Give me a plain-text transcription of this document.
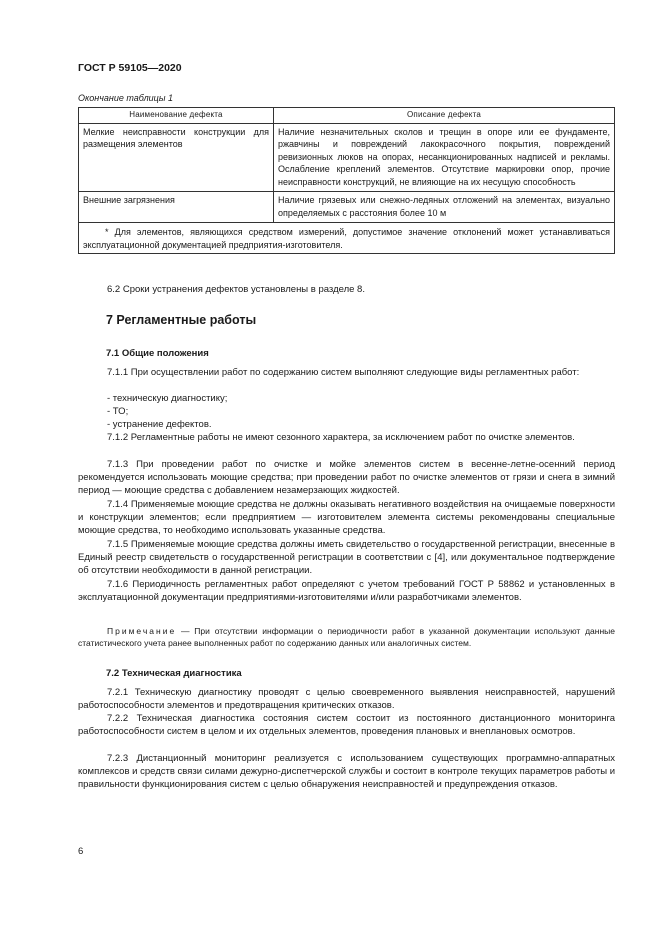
ГОСТ Р 59105—2020
Окончание таблицы 1
Наименование дефекта	Описание дефекта
Мелкие неисправности конструкции для размещения элементов	Наличие незначительных сколов и трещин в опоре или ее фундаменте, ржавчины и повреждений лакокрасочного покрытия, повреждений ревизионных люков на опорах, несанкционированных надписей и рекламы. Ослабление креплений элементов. Отсутствие маркировки опор, прочие неисправности конструкций, не влияющие на их несущую способность
Внешние загрязнения	Наличие грязевых или снежно-ледяных отложений на элементах, визуально определяемых с расстояния более 10 м
* Для элементов, являющихся средством измерений, допустимое значение отклонений может устанавливаться эксплуатационной документацией предприятия-изготовителя.	
6.2 Сроки устранения дефектов установлены в разделе 8.
7 Регламентные работы
7.1 Общие положения
7.1.1 При осуществлении работ по содержанию систем выполняют следующие виды регламентных работ:
- техническую диагностику;
- ТО;
- устранение дефектов.
7.1.2 Регламентные работы не имеют сезонного характера, за исключением работ по очистке элементов.
7.1.3 При проведении работ по очистке и мойке элементов систем в весенне-летне-осенний период рекомендуется использовать моющие средства; при проведении работ по очистке элементов от грязи и снега в зимний период — моющие средства с добавлением незамерзающих жидкостей.
7.1.4 Применяемые моющие средства не должны оказывать негативного воздействия на очищаемые поверхности и конструкции элементов; если предприятием — изготовителем элемента системы рекомендованы специальные моющие средства, то необходимо использовать указанные средства.
7.1.5 Применяемые моющие средства должны иметь свидетельство о государственной регистрации, внесенные в Единый реестр свидетельств о государственной регистрации в соответствии с [4], или документальное подтверждение об отсутствии необходимости в данной регистрации.
7.1.6 Периодичность регламентных работ определяют с учетом требований ГОСТ Р 58862 и установленных в эксплуатационной документации предприятиями-изготовителями и/или разработчиками элементов.
Примечание — При отсутствии информации о периодичности работ в указанной документации используют данные статистического учета ранее выполненных работ по содержанию данных или аналогичных систем.
7.2 Техническая диагностика
7.2.1 Техническую диагностику проводят с целью своевременного выявления неисправностей, нарушений работоспособности элементов и предотвращения критических отказов.
7.2.2 Техническая диагностика состояния систем состоит из постоянного дистанционного мониторинга работоспособности систем в целом и их отдельных элементов, проведения плановых и внеплановых осмотров.
7.2.3 Дистанционный мониторинг реализуется с использованием существующих программно-аппаратных комплексов и средств связи силами дежурно-диспетчерской службы и состоит в контроле текущих параметров работы и правильности функционирования систем с целью обнаружения неисправностей и предупреждения отказов.
6
